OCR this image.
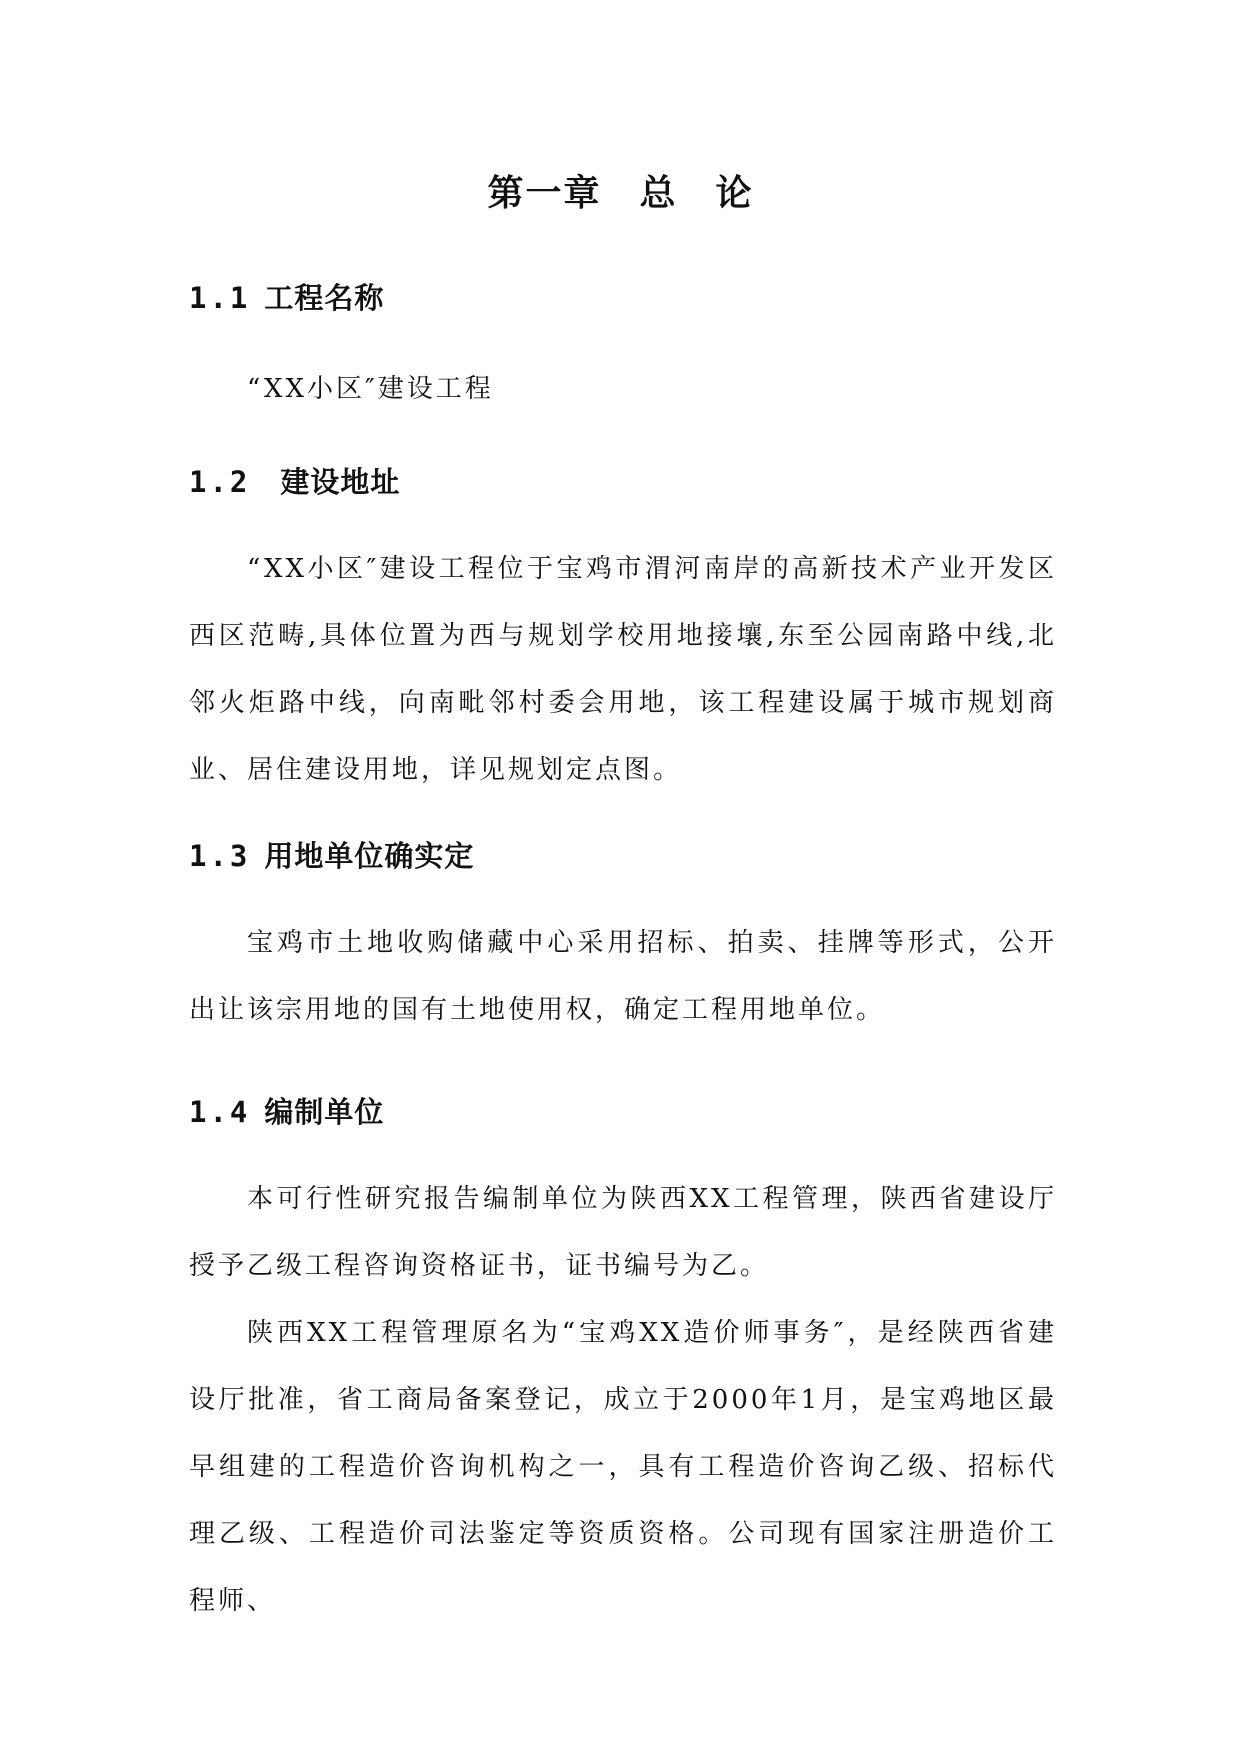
第一章　总　论
1.1 工程名称
“XX小区″建设工程
1.2 建设地址

“XX小区″建设工程位于宝鸡市渭河南岸的高新技术产业开发区西区范畴,具体位置为西与规划学校用地接壤,东至公园南路中线,北邻火炬路中线，向南毗邻村委会用地，该工程建设属于城市规划商业、居住建设用地，详见规划定点图。

1.3 用地单位确实定

宝鸡市土地收购储藏中心采用招标、拍卖、挂牌等形式，公开出让该宗用地的国有土地使用权，确定工程用地单位。

1.4 编制单位

本可行性研究报告编制单位为陕西XX工程管理，陕西省建设厅授予乙级工程咨询资格证书，证书编号为乙。

陕西XX工程管理原名为“宝鸡XX造价师事务″，是经陕西省建设厅批准，省工商局备案登记，成立于2000年1月，是宝鸡地区最早组建的工程造价咨询机构之一，具有工程造价咨询乙级、招标代理乙级、工程造价司法鉴定等资质资格。公司现有国家注册造价工程师、
